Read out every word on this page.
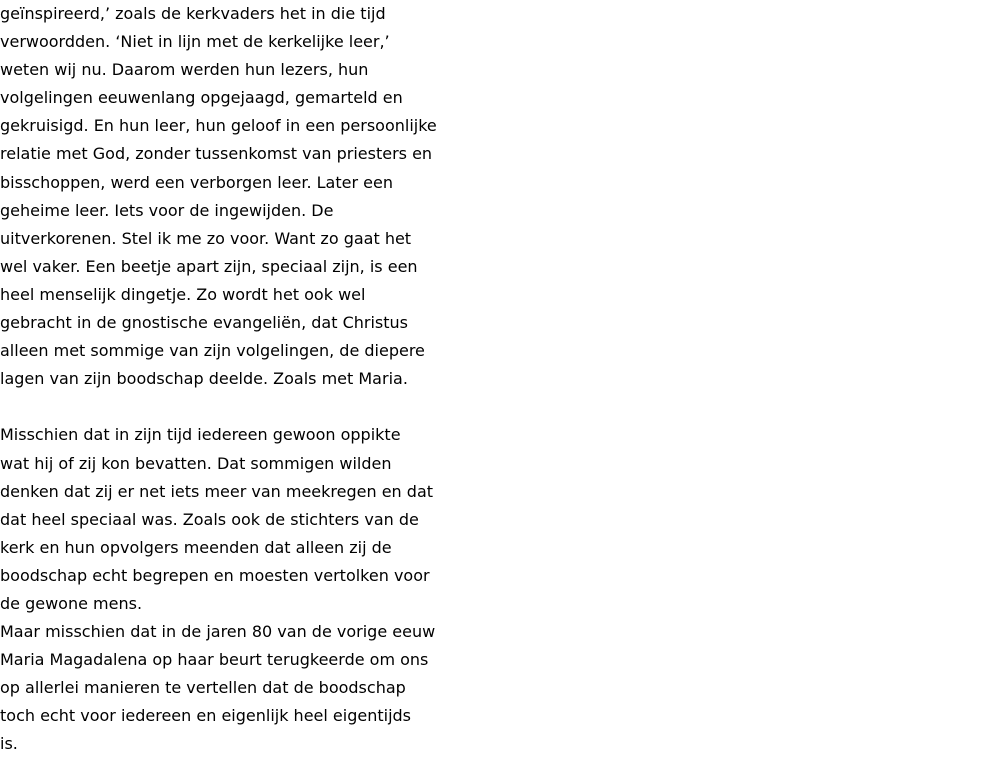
geïnspireerd,’ zoals de kerkvaders het in die tijd
verwoordden. ‘Niet in lijn met de kerkelijke leer,’
weten wij nu. Daarom werden hun lezers, hun
volgelingen eeuwenlang opgejaagd, gemarteld en
gekruisigd. En hun leer, hun geloof in een persoonlijke
relatie met God, zonder tussenkomst van priesters en
bisschoppen, werd een verborgen leer. Later een
geheime leer. Iets voor de ingewijden. De
uitverkorenen. Stel ik me zo voor. Want zo gaat het
wel vaker. Een beetje apart zijn, speciaal zijn, is een
heel menselijk dingetje. Zo wordt het ook wel
gebracht in de gnostische evangeliën, dat Christus
alleen met sommige van zijn volgelingen, de diepere
lagen van zijn boodschap deelde. Zoals met Maria.
Misschien dat in zijn tijd iedereen gewoon oppikte
wat hij of zij kon bevatten. Dat sommigen wilden
denken dat zij er net iets meer van meekregen en dat
dat heel speciaal was. Zoals ook de stichters van de
kerk en hun opvolgers meenden dat alleen zij de
boodschap echt begrepen en moesten vertolken voor
de gewone mens.
Maar misschien dat in de jaren 80 van de vorige eeuw
Maria Magadalena op haar beurt terugkeerde om ons
op allerlei manieren te vertellen dat de boodschap
toch echt voor iedereen en eigenlijk heel eigentijds
is.
